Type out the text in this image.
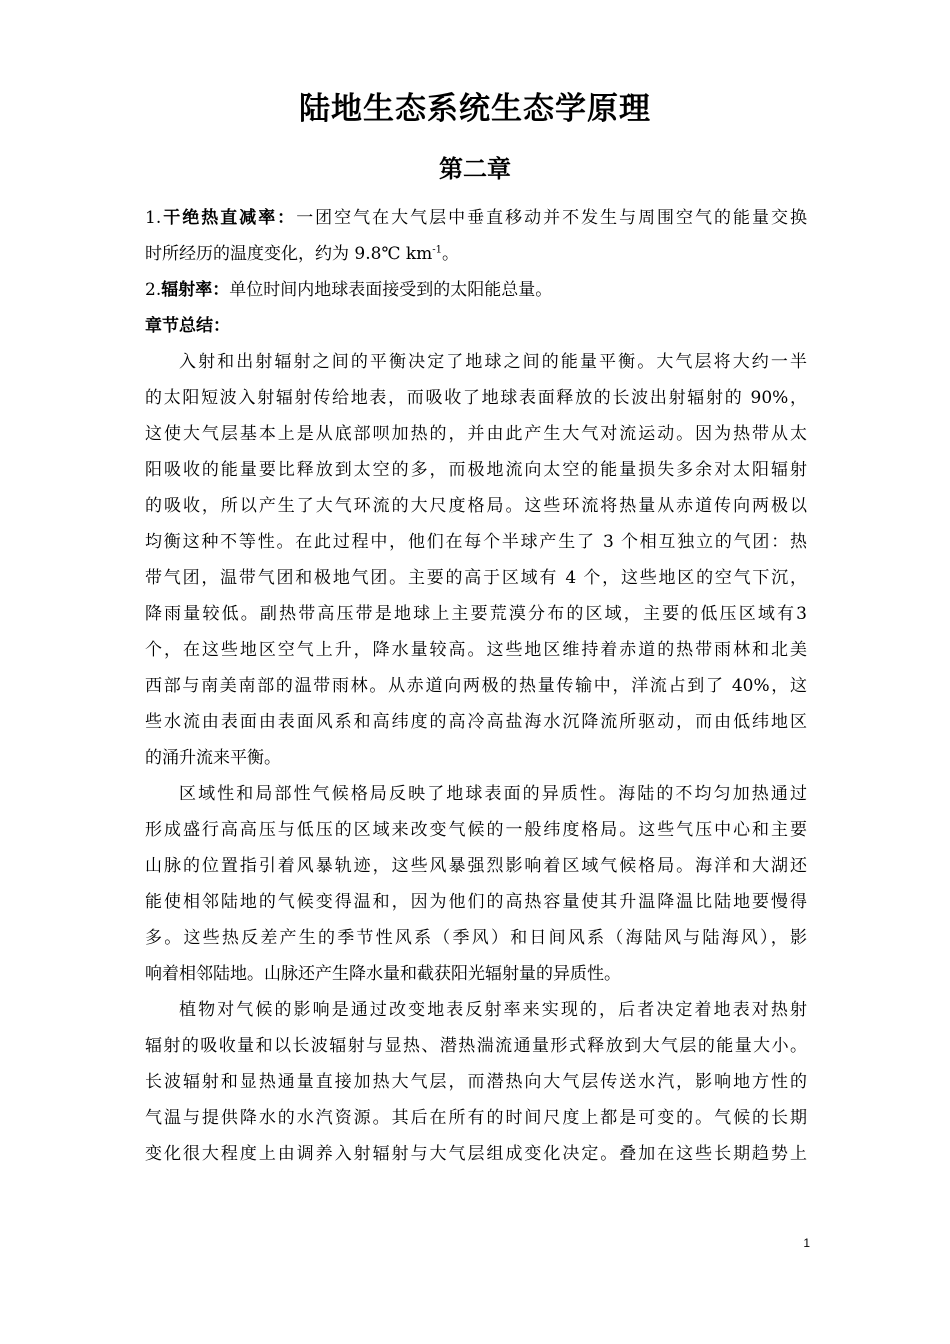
陆地生态系统生态学原理
第二章
1.干绝热直减率：一团空气在大气层中垂直移动并不发生与周围空气的能量交换
时所经历的温度变化，约为 9.8℃ $km^{-1}$。
2.辐射率：单位时间内地球表面接受到的太阳能总量。
章节总结：
入射和出射辐射之间的平衡决定了地球之间的能量平衡。大气层将大约一半
的太阳短波入射辐射传给地表，而吸收了地球表面释放的长波出射辐射的 90%，
这使大气层基本上是从底部呗加热的，并由此产生大气对流运动。因为热带从太
阳吸收的能量要比释放到太空的多，而极地流向太空的能量损失多余对太阳辐射
的吸收，所以产生了大气环流的大尺度格局。这些环流将热量从赤道传向两极以
均衡这种不等性。在此过程中，他们在每个半球产生了 3 个相互独立的气团：热
带气团，温带气团和极地气团。主要的高于区域有 4 个，这些地区的空气下沉，
降雨量较低。副热带高压带是地球上主要荒漠分布的区域，主要的低压区域有3
个，在这些地区空气上升，降水量较高。这些地区维持着赤道的热带雨林和北美
西部与南美南部的温带雨林。从赤道向两极的热量传输中，洋流占到了 40%，这
些水流由表面由表面风系和高纬度的高冷高盐海水沉降流所驱动，而由低纬地区
的涌升流来平衡。
区域性和局部性气候格局反映了地球表面的异质性。海陆的不均匀加热通过
形成盛行高高压与低压的区域来改变气候的一般纬度格局。这些气压中心和主要
山脉的位置指引着风暴轨迹，这些风暴强烈影响着区域气候格局。海洋和大湖还
能使相邻陆地的气候变得温和，因为他们的高热容量使其升温降温比陆地要慢得
多。这些热反差产生的季节性风系（季风）和日间风系（海陆风与陆海风），影
响着相邻陆地。山脉还产生降水量和截获阳光辐射量的异质性。
植物对气候的影响是通过改变地表反射率来实现的，后者决定着地表对热射
辐射的吸收量和以长波辐射与显热、潜热湍流通量形式释放到大气层的能量大小。
长波辐射和显热通量直接加热大气层，而潜热向大气层传送水汽，影响地方性的
气温与提供降水的水汽资源。其后在所有的时间尺度上都是可变的。气候的长期
变化很大程度上由调养入射辐射与大气层组成变化决定。叠加在这些长期趋势上
1
